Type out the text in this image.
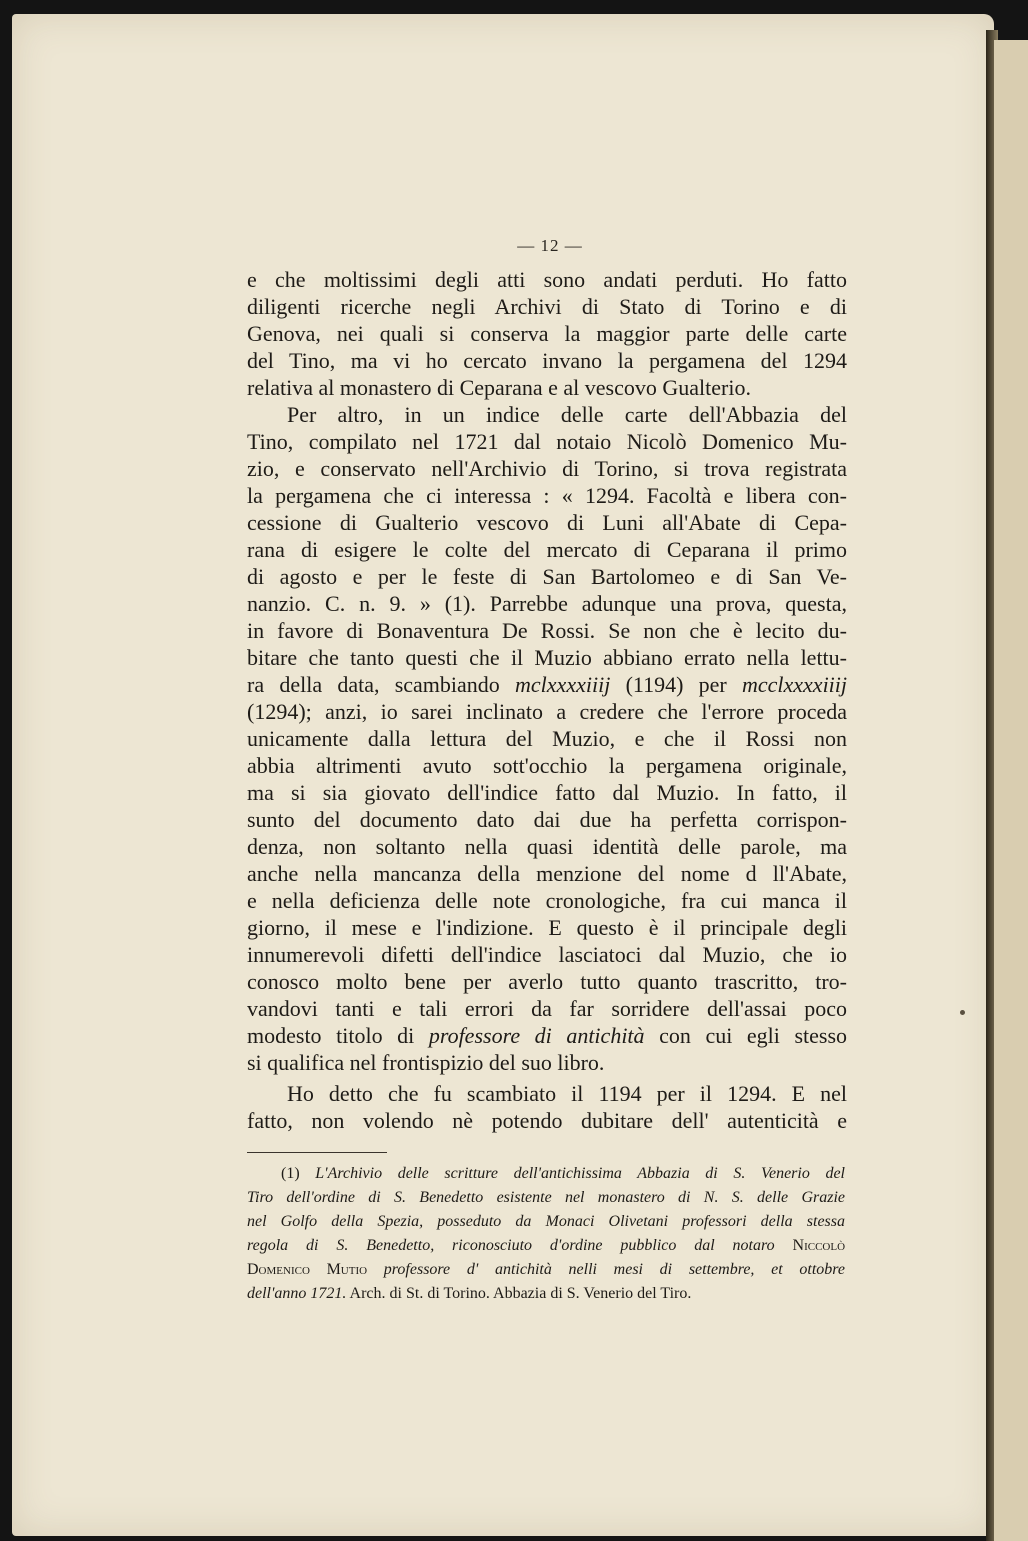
— 12 —
e che moltissimi degli atti sono andati perduti. Ho fatto
diligenti ricerche negli Archivi di Stato di Torino e di
Genova, nei quali si conserva la maggior parte delle carte
del Tino, ma vi ho cercato invano la pergamena del 1294
relativa al monastero di Ceparana e al vescovo Gualterio.
Per altro, in un indice delle carte dell'Abbazia del
Tino, compilato nel 1721 dal notaio Nicolò Domenico Mu-
zio, e conservato nell'Archivio di Torino, si trova registrata
la pergamena che ci interessa : « 1294. Facoltà e libera con-
cessione di Gualterio vescovo di Luni all'Abate di Cepa-
rana di esigere le colte del mercato di Ceparana il primo
di agosto e per le feste di San Bartolomeo e di San Ve-
nanzio. C. n. 9. » (1). Parrebbe adunque una prova, questa,
in favore di Bonaventura De Rossi. Se non che è lecito du-
bitare che tanto questi che il Muzio abbiano errato nella lettu-
ra della data, scambiando mclxxxxiiij (1194) per mcclxxxxiiij
(1294); anzi, io sarei inclinato a credere che l'errore proceda
unicamente dalla lettura del Muzio, e che il Rossi non
abbia altrimenti avuto sott'occhio la pergamena originale,
ma si sia giovato dell'indice fatto dal Muzio. In fatto, il
sunto del documento dato dai due ha perfetta corrispon-
denza, non soltanto nella quasi identità delle parole, ma
anche nella mancanza della menzione del nome d ll'Abate,
e nella deficienza delle note cronologiche, fra cui manca il
giorno, il mese e l'indizione. E questo è il principale degli
innumerevoli difetti dell'indice lasciatoci dal Muzio, che io
conosco molto bene per averlo tutto quanto trascritto, tro-
vandovi tanti e tali errori da far sorridere dell'assai poco
modesto titolo di professore di antichità con cui egli stesso
si qualifica nel frontispizio del suo libro.
Ho detto che fu scambiato il 1194 per il 1294. E nel
fatto, non volendo nè potendo dubitare dell' autenticità e
(1) L'Archivio delle scritture dell'antichissima Abbazia di S. Venerio del
Tiro dell'ordine di S. Benedetto esistente nel monastero di N. S. delle Grazie
nel Golfo della Spezia, posseduto da Monaci Olivetani professori della stessa
regola di S. Benedetto, riconosciuto d'ordine pubblico dal notaro Niccolò
Domenico Mutio professore d' antichità nelli mesi di settembre, et ottobre
dell'anno 1721. Arch. di St. di Torino. Abbazia di S. Venerio del Tiro.
